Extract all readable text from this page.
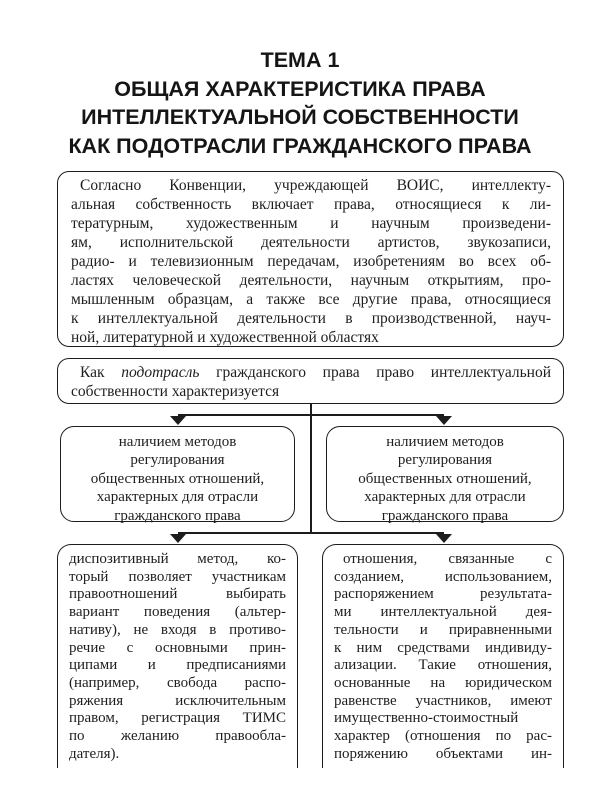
ТЕМА 1
ОБЩАЯ ХАРАКТЕРИСТИКА ПРАВА
ИНТЕЛЛЕКТУАЛЬНОЙ СОБСТВЕННОСТИ
КАК ПОДОТРАСЛИ ГРАЖДАНСКОГО ПРАВА
Согласно Конвенции, учреждающей ВОИС, интеллекту-
альная собственность включает права, относящиеся к ли-
тературным, художественным и научным произведени-
ям, исполнительской деятельности артистов, звукозаписи,
радио- и телевизионным передачам, изобретениям во всех об-
ластях человеческой деятельности, научным открытиям, про-
мышленным образцам, а также все другие права, относящиеся
к интеллектуальной деятельности в производственной, науч-
ной, литературной и художественной областях
Как подотрасль гражданского права право интеллектуальной
собственности характеризуется
наличием методов
регулирования
общественных отношений,
характерных для отрасли
гражданского права
наличием методов
регулирования
общественных отношений,
характерных для отрасли
гражданского права
диспозитивный метод, ко-
торый позволяет участникам
правоотношений выбирать
вариант поведения (альтер-
нативу), не входя в противо-
речие с основными прин-
ципами и предписаниями
(например, свобода распо-
ряжения исключительным
правом, регистрация ТИМС
по желанию правообла-
дателя).
отношения, связанные с
созданием, использованием,
распоряжением результата-
ми интеллектуальной дея-
тельности и приравненными
к ним средствами индивиду-
ализации. Такие отношения,
основанные на юридическом
равенстве участников, имеют
имущественно-стоимостный
характер (отношения по рас-
поряжению объектами ин-
